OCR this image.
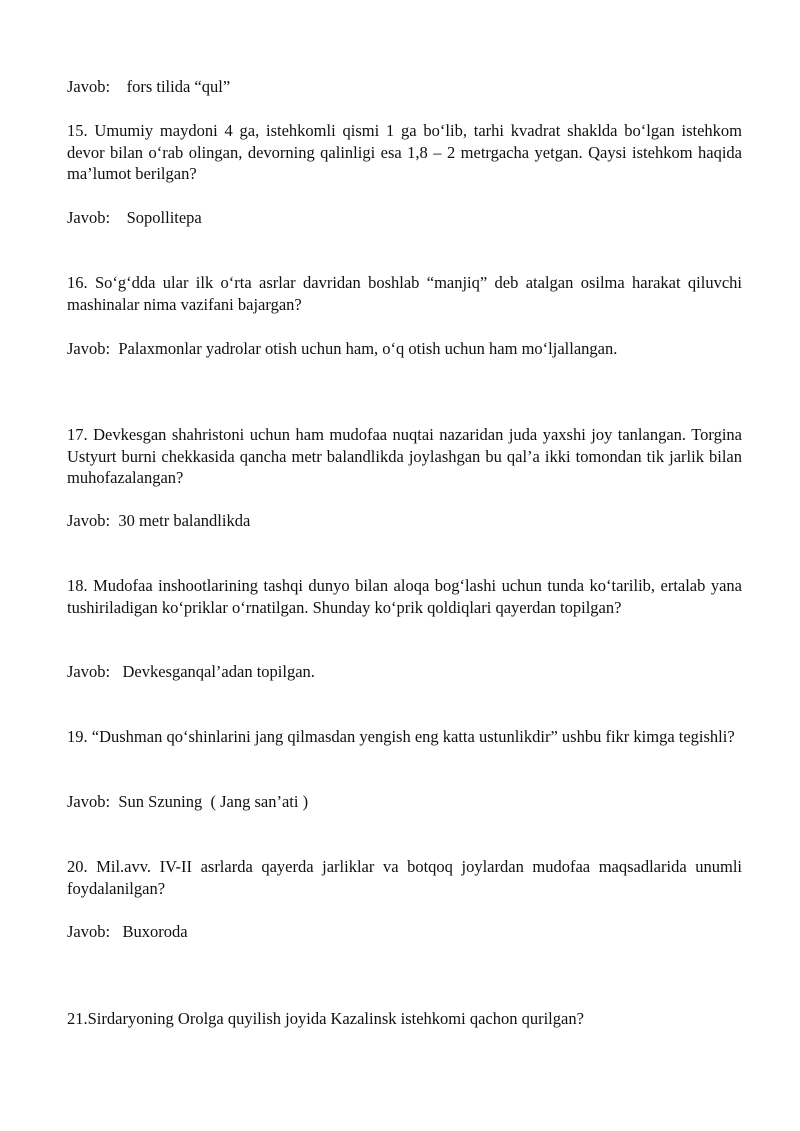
Javob: fors tilida “qul”

15. Umumiy maydoni 4 ga, istehkomli qismi 1 ga bo‘lib, tarhi kvadrat shaklda bo‘lgan istehkom devor bilan o‘rab olingan, devorning qalinligi esa 1,8 – 2 metrgacha yetgan. Qaysi istehkom haqida ma’lumot berilgan?

Javob: Sopollitepa

16. So‘g‘dda ular ilk o‘rta asrlar davridan boshlab “manjiq” deb atalgan osilma harakat qiluvchi mashinalar nima vazifani bajargan?

Javob: Palaxmonlar yadrolar otish uchun ham, o‘q otish uchun ham mo‘ljallangan.

17. Devkesgan shahristoni uchun ham mudofaa nuqtai nazaridan juda yaxshi joy tanlangan. Torgina Ustyurt burni chekkasida qancha metr balandlikda joylashgan bu qal’a ikki tomondan tik jarlik bilan muhofazalangan?

Javob: 30 metr balandlikda

18. Mudofaa inshootlarining tashqi dunyo bilan aloqa bog‘lashi uchun tunda ko‘tarilib, ertalab yana tushiriladigan ko‘priklar o‘rnatilgan. Shunday ko‘prik qoldiqlari qayerdan topilgan?

Javob: Devkesganqal’adan topilgan.

19. “Dushman qo‘shinlarini jang qilmasdan yengish eng katta ustunlikdir” ushbu fikr kimga tegishli?

Javob: Sun Szuning  ( Jang san’ati )

20. Mil.avv. IV-II asrlarda qayerda jarliklar va botqoq joylardan mudofaa maqsadlarida unumli foydalanilgan?

Javob: Buxoroda

21.Sirdaryoning Orolga quyilish joyida Kazalinsk istehkomi qachon qurilgan?
